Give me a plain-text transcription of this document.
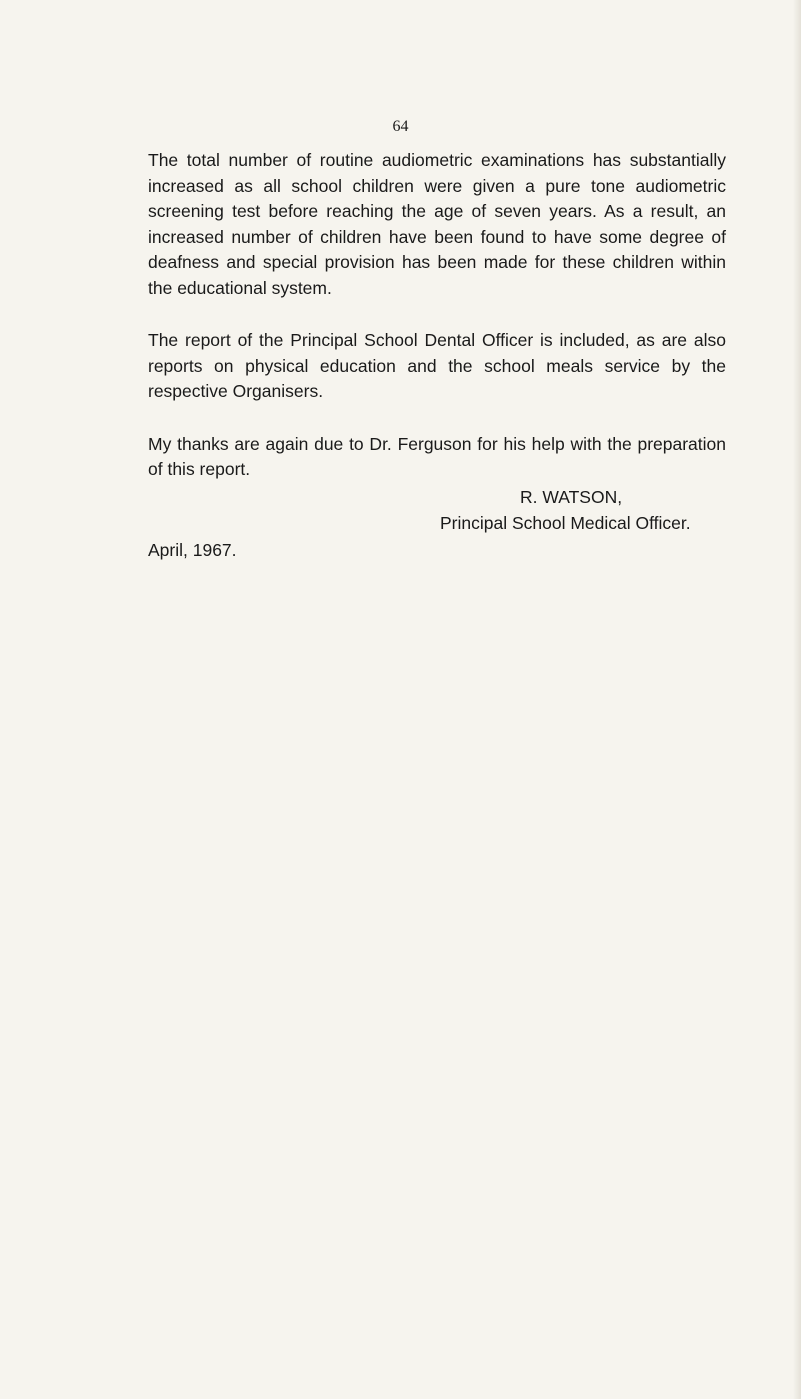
64

The total number of routine audiometric examinations has substantially increased as all school children were given a pure tone audiometric screening test before reaching the age of seven years. As a result, an increased number of children have been found to have some degree of deafness and special provision has been made for these children within the educational system.

The report of the Principal School Dental Officer is included, as are also reports on physical education and the school meals service by the respective Organisers.

My thanks are again due to Dr. Ferguson for his help with the preparation of this report.

R. WATSON,
Principal School Medical Officer.
April, 1967.
